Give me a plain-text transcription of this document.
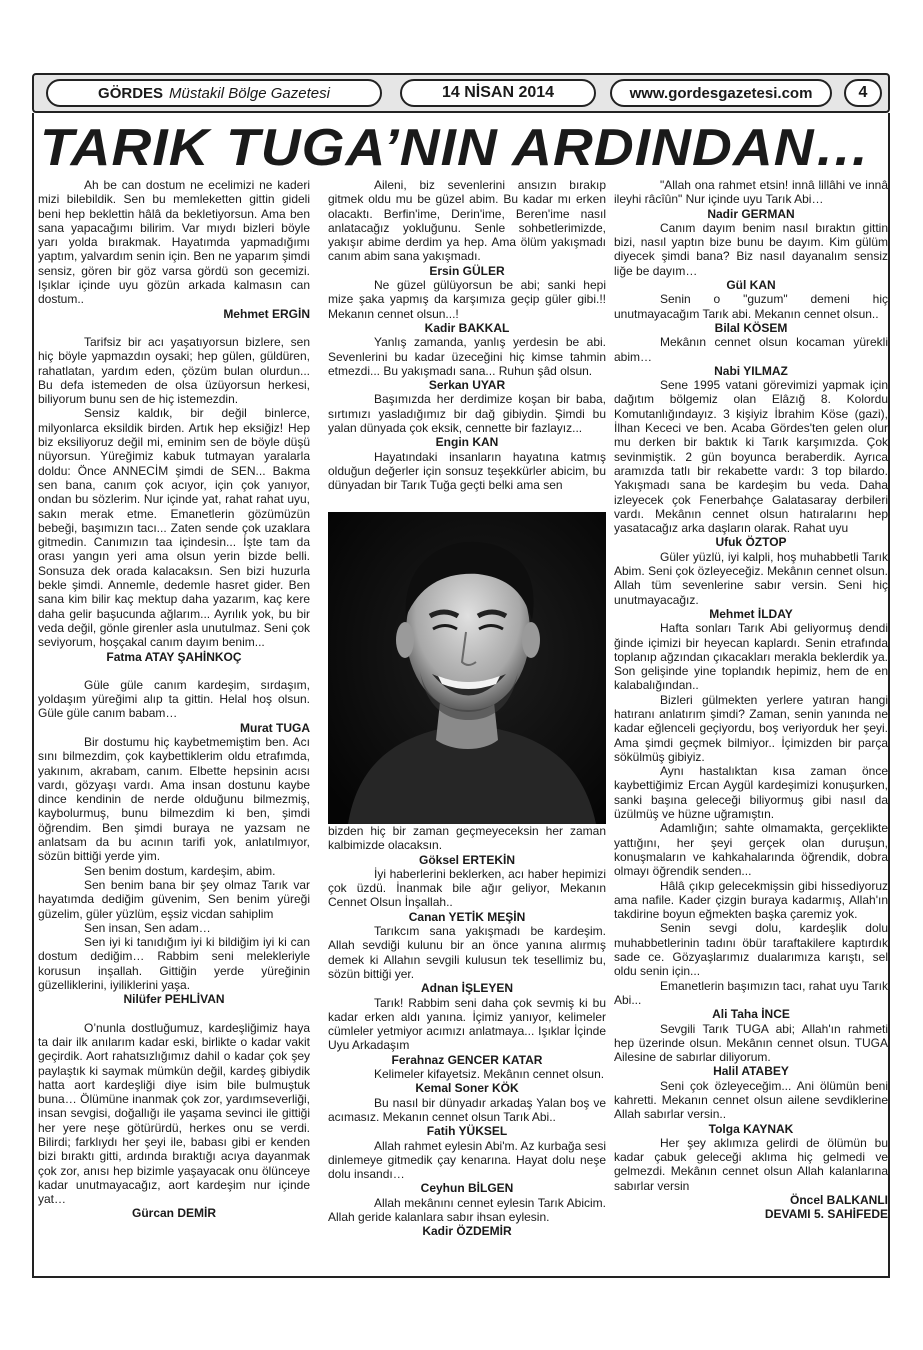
GÖRDES Müstakil Bölge Gazetesi	14 NİSAN 2014	www.gordesgazetesi.com	4
TARIK TUGA’NIN ARDINDAN…

Ah be can dostum ne ecelimizi ne kaderi mizi bilebildik. Sen bu memleketten gittin gideli beni hep beklettin hâlâ da bekletiyorsun. Ama ben sana yapacağımı bilirim. Var mıydı bizleri böyle yarı yolda bırakmak. Hayatımda yapmadığımı yaptım, yalvardım senin için. Ben ne yaparım şimdi sensiz, gören bir göz varsa gördü son gecemizi. Işıklar içinde uyu gözün arkada kalmasın can dostum..

Mehmet ERGİN

Tarifsiz bir acı yaşatıyorsun bizlere, sen hiç böyle yapmazdın oysaki; hep gülen, güldüren, rahatlatan, yardım eden, çözüm bulan olurdun... Bu defa istemeden de olsa üzüyorsun herkesi, biliyorum bunu sen de hiç istemezdin.

Sensiz kaldık, bir değil binlerce, milyonlarca eksildik birden. Artık hep eksiğiz! Hep biz eksiliyoruz değil mi, eminim sen de böyle düşü nüyorsun. Yüreğimiz kabuk tutmayan yaralarla doldu: Önce ANNECİM şimdi de SEN... Bakma sen bana, canım çok acıyor, için çok yanıyor, ondan bu sözlerim. Nur içinde yat, rahat rahat uyu, sakın merak etme. Emanetlerin gözümüzün bebeği, başımızın tacı... Zaten sende çok uzaklara gitmedin. Canımızın taa içindesin... İşte tam da orası yangın yeri ama olsun yerin bizde belli. Sonsuza dek orada kalacaksın. Sen bizi huzurla bekle şimdi. Annemle, dedemle hasret gider. Ben sana kim bilir kaç mektup daha yazarım, kaç kere daha gelir başucunda ağlarım... Ayrılık yok, bu bir veda değil, gönle girenler asla unutulmaz. Seni çok seviyorum, hoşçakal canım dayım benim...

Fatma ATAY ŞAHİNKOÇ

Güle güle canım kardeşim, sırdaşım, yoldaşım yüreğimi alıp ta gittin. Helal hoş olsun. Güle güle canım babam…

Murat TUGA

Bir dostumu hiç kaybetmemiştim ben. Acı sını bilmezdim, çok kaybettiklerim oldu etrafımda, yakınım, akrabam, canım. Elbette hepsinin acısı vardı, gözyaşı vardı. Ama insan dostunu kaybe dince kendinin de nerde olduğunu bilmezmiş, kaybolurmuş, bunu bilmezdim ki ben, şimdi öğrendim. Ben şimdi buraya ne yazsam ne anlatsam da bu acının tarifi yok, anlatılmıyor, sözün bittiği yerde yim.

Sen benim dostum, kardeşim, abim.

Sen benim bana bir şey olmaz Tarık var hayatımda dediğim güvenim, Sen benim yüreği güzelim, güler yüzlüm, eşsiz vicdan sahiplim

Sen insan, Sen adam…

Sen iyi ki tanıdığım iyi ki bildiğim iyi ki can dostum dediğim… Rabbim seni melekleriyle korusun inşallah. Gittiğin yerde yüreğinin güzelliklerini, iyiliklerini yaşa.

Nilüfer PEHLİVAN

O’nunla dostluğumuz, kardeşliğimiz haya ta dair ilk anılarım kadar eski, birlikte o kadar vakit geçirdik. Aort rahatsızlığımız dahil o kadar çok şey paylaştık ki saymak mümkün değil, kardeş gibiydik hatta aort kardeşliği diye isim bile bulmuştuk buna… Ölümüne inanmak çok zor, yardımseverliği, insan sevgisi, doğallığı ile yaşama sevinci ile gittiği her yere neşe götürürdü, herkes onu se verdi. Bilirdi; farklıydı her şeyi ile, babası gibi er kenden bizi bıraktı gitti, ardında bıraktığı acıya dayanmak çok zor, anısı hep bizimle yaşayacak onu ölünceye kadar unutmayacağız, aort kardeşim nur içinde yat…

Gürcan DEMİR

Aileni, biz sevenlerini ansızın bırakıp gitmek oldu mu be güzel abim. Bu kadar mı erken olacaktı. Berfin'ime, Derin'ime, Beren'ime nasıl anlatacağız yokluğunu. Senle sohbetlerimizde, yakışır abime derdim ya hep. Ama ölüm yakışmadı canım abim sana yakışmadı.

Ersin GÜLER

Ne güzel gülüyorsun be abi; sanki hepi mize şaka yapmış da karşımıza geçip güler gibi.!! Mekanın cennet olsun...!

Kadir BAKKAL

Yanlış zamanda, yanlış yerdesin be abi. Sevenlerini bu kadar üzeceğini hiç kimse tahmin etmezdi... Bu yakışmadı sana... Ruhun şâd olsun.

Serkan UYAR

Başımızda her derdimize koşan bir baba, sırtımızı yasladığımız bir dağ gibiydin. Şimdi bu yalan dünyada çok eksik, cennette bir fazlayız...

Engin KAN

Hayatındaki insanların hayatına katmış olduğun değerler için sonsuz teşekkürler abicim, bu dünyadan bir Tarık Tuğa geçti belki ama sen

bizden hiç bir zaman geçmeyeceksin her zaman kalbimizde olacaksın.

Göksel ERTEKİN

İyi haberlerini beklerken, acı haber hepimizi çok üzdü. İnanmak bile ağır geliyor, Mekanın Cennet Olsun İnşallah..

Canan YETİK MEŞİN

Tarıkcım sana yakışmadı be kardeşim. Allah sevdiği kulunu bir an önce yanına alırmış demek ki Allahın sevgili kulusun tek tesellimiz bu, sözün bittiği yer.

Adnan İŞLEYEN

Tarık! Rabbim seni daha çok sevmiş ki bu kadar erken aldı yanına. İçimiz yanıyor, kelimeler cümleler yetmiyor acımızı anlatmaya... Işıklar İçinde Uyu Arkadaşım

Ferahnaz GENCER KATAR

Kelimeler kifayetsiz. Mekânın cennet olsun.

Kemal Soner KÖK

Bu nasıl bir dünyadır arkadaş Yalan boş ve acımasız. Mekanın cennet olsun Tarık Abi..

Fatih YÜKSEL

Allah rahmet eylesin Abi'm. Az kurbağa sesi dinlemeye gitmedik çay kenarına. Hayat dolu neşe dolu insandı…

Ceyhun BİLGEN

Allah mekânını cennet eylesin Tarık Abicim. Allah geride kalanlara sabır ihsan eylesin.

Kadir ÖZDEMİR

"Allah ona rahmet etsin! innâ lillâhi ve innâ ileyhi râcîûn" Nur içinde uyu Tarık Abi…

Nadir GERMAN

Canım dayım benim nasıl bıraktın gittin bizi, nasıl yaptın bize bunu be dayım. Kim gülüm diyecek şimdi bana? Biz nasıl dayanalım sensiz liğe be dayım…

Gül KAN

Senin o "guzum" demeni hiç unutmayacağım Tarık abi. Mekanın cennet olsun..

Bilal KÖSEM

Mekânın cennet olsun kocaman yürekli abim…

Nabi YILMAZ

Sene 1995 vatani görevimizi yapmak için dağıtım bölgemiz olan Elâzığ 8. Kolordu Komutanlığındayız. 3 kişiyiz İbrahim Köse (gazi), İlhan Kececi ve ben. Acaba Gördes'ten gelen olur mu derken bir baktık ki Tarık karşımızda. Çok sevinmiştik. 2 gün boyunca beraberdik. Ayrıca aramızda tatlı bir rekabette vardı: 3 top bilardo. Yakışmadı sana be kardeşim bu veda. Daha izleyecek çok Fenerbahçe Galatasaray derbileri vardı. Mekânın cennet olsun hatıralarını hep yasatacağız arka daşların olarak. Rahat uyu

Ufuk ÖZTOP

Güler yüzlü, iyi kalpli, hoş muhabbetli Tarık Abim. Seni çok özleyeceğiz. Mekânın cennet olsun. Allah tüm sevenlerine sabır versin. Seni hiç unutmayacağız.

Mehmet İLDAY

Hafta sonları Tarık Abi geliyormuş dendi ğinde içimizi bir heyecan kaplardı. Senin etrafında toplanıp ağzından çıkacakları merakla beklerdik ya. Son gelişinde yine toplandık hepimiz, hem de en kalabalığından..

Bizleri gülmekten yerlere yatıran hangi hatıranı anlatırım şimdi? Zaman, senin yanında ne kadar eğlenceli geçiyordu, boş veriyorduk her şeyi. Ama şimdi geçmek bilmiyor.. İçimizden bir parça sökülmüş gibiyiz.

Aynı hastalıktan kısa zaman önce kaybettiğimiz Ercan Aygül kardeşimizi konuşurken, sanki başına geleceği biliyormuş gibi nasıl da üzülmüş ve hüzne uğramıştın.

Adamlığın; sahte olmamakta, gerçeklikte yattığını, her şeyi gerçek olan duruşun, konuşmaların ve kahkahalarında öğrendik, dobra olmayı öğrendik senden...

Hâlâ çıkıp gelecekmişsin gibi hissediyoruz ama nafile. Kader çizgin buraya kadarmış, Allah'ın takdirine boyun eğmekten başka çaremiz yok.

Senin sevgi dolu, kardeşlik dolu muhabbetlerinin tadını öbür taraftakilere kaptırdık sade ce. Gözyaşlarımız dualarımıza karıştı, sel oldu senin için...

Emanetlerin başımızın tacı, rahat uyu Tarık Abi...

Ali Taha İNCE

Sevgili Tarık TUGA abi; Allah'ın rahmeti hep üzerinde olsun. Mekânın cennet olsun. TUGA Ailesine de sabırlar diliyorum.

Halil ATABEY

Seni çok özleyeceğim... Ani ölümün beni kahretti. Mekanın cennet olsun ailene sevdiklerine Allah sabırlar versin..

Tolga KAYNAK

Her şey aklımıza gelirdi de ölümün bu kadar çabuk geleceği aklıma hiç gelmedi ve gelmezdi. Mekânın cennet olsun Allah kalanlarına sabırlar versin

Öncel BALKANLI
DEVAMI 5. SAHİFEDE
